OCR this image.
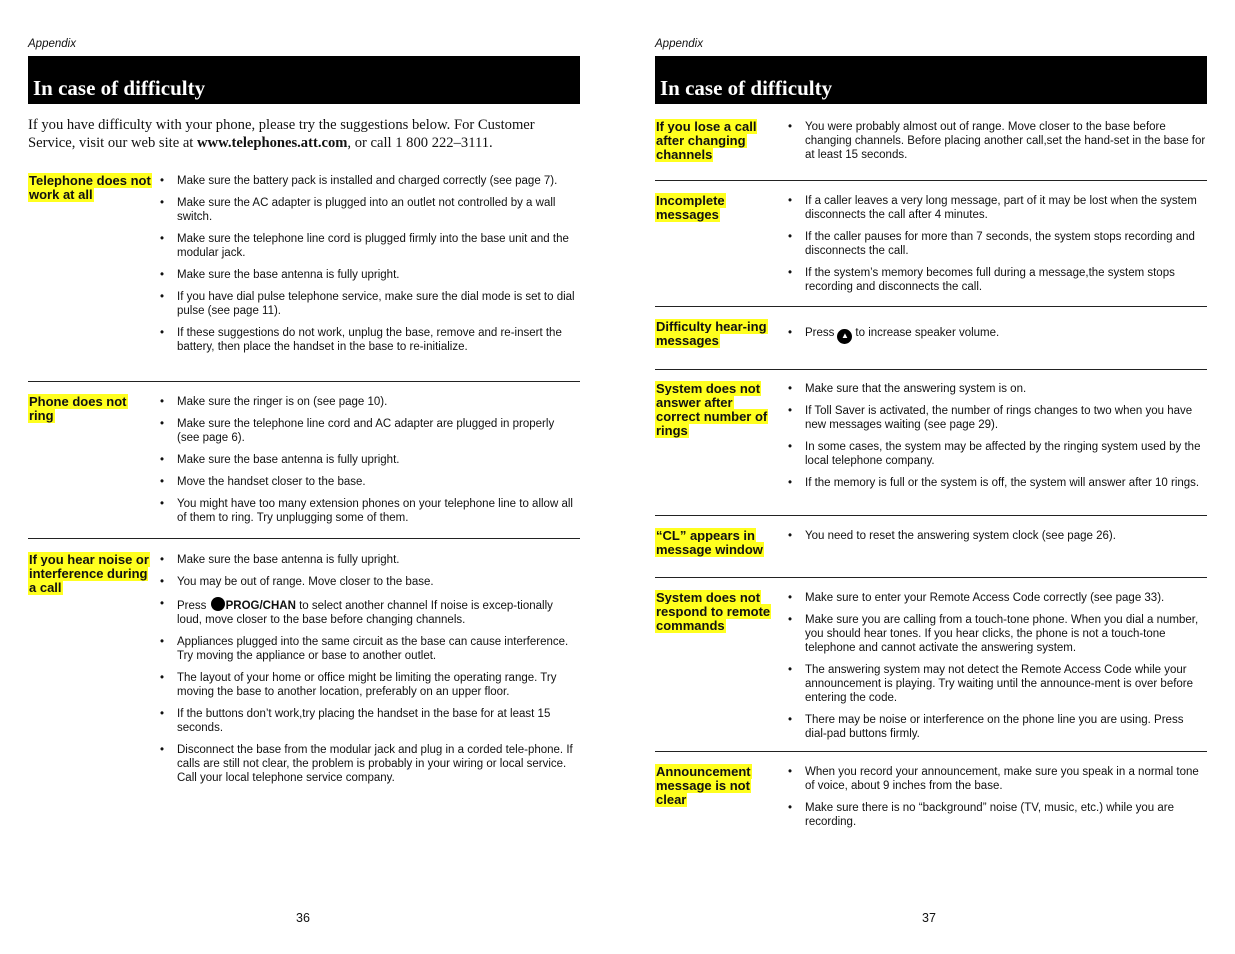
Appendix
In case of difficulty
If you have difficulty with your phone, please try the suggestions below. For Customer Service, visit our web site at www.telephones.att.com, or call 1 800 222–3111.
Telephone does not work at all
• Make sure the battery pack is installed and charged correctly (see page 7).
• Make sure the AC adapter is plugged into an outlet not controlled by a wall switch.
• Make sure the telephone line cord is plugged firmly into the base unit and the modular jack.
• Make sure the base antenna is fully upright.
• If you have dial pulse telephone service, make sure the dial mode is set to dial pulse (see page 11).
• If these suggestions do not work, unplug the base, remove and re-insert the battery, then place the handset in the base to re-initialize.
Phone does not ring
• Make sure the ringer is on (see page 10).
• Make sure the telephone line cord and AC adapter are plugged in properly (see page 6).
• Make sure the base antenna is fully upright.
• Move the handset closer to the base.
• You might have too many extension phones on your telephone line to allow all of them to ring. Try unplugging some of them.
If you hear noise or interference during a call
• Make sure the base antenna is fully upright.
• You may be out of range. Move closer to the base.
• Press PROG/CHAN to select another channel If noise is excep-tionally loud, move closer to the base before changing channels.
• Appliances plugged into the same circuit as the base can cause interference. Try moving the appliance or base to another outlet.
• The layout of your home or office might be limiting the operating range. Try moving the base to another location, preferably on an upper floor.
• If the buttons don’t work,try placing the handset in the base for at least 15 seconds.
• Disconnect the base from the modular jack and plug in a corded tele-phone. If calls are still not clear, the problem is probably in your wiring or local service. Call your local telephone service company.
36
Appendix
In case of difficulty
If you lose a call after changing channels
• You were probably almost out of range. Move closer to the base before changing channels. Before placing another call,set the hand-set in the base for at least 15 seconds.
Incomplete messages
• If a caller leaves a very long message, part of it may be lost when the system disconnects the call after 4 minutes.
• If the caller pauses for more than 7 seconds, the system stops recording and disconnects the call.
• If the system’s memory becomes full during a message,the system stops recording and disconnects the call.
Difficulty hear-ing messages
•	Press ▲ to increase speaker volume.
System does not answer after correct number of rings
• Make sure that the answering system is on.
• If Toll Saver is activated, the number of rings changes to two when you have new messages waiting (see page 29).
• In some cases, the system may be affected by the ringing system used by the local telephone company.
• If the memory is full or the system is off, the system will answer after 10 rings.
“CL” appears in message window
• You need to reset the answering system clock (see page 26).
System does not respond to remote commands
• Make sure to enter your Remote Access Code correctly (see page 33).
• Make sure you are calling from a touch-tone phone. When you dial a number, you should hear tones. If you hear clicks, the phone is not a touch-tone telephone and cannot activate the answering system.
• The answering system may not detect the Remote Access Code while your announcement is playing. Try waiting until the announce-ment is over before entering the code.
• There may be noise or interference on the phone line you are using. Press dial-pad buttons firmly.
Announcement message is not clear
• When you record your announcement, make sure you speak in a normal tone of voice, about 9 inches from the base.
• Make sure there is no “background” noise (TV, music, etc.) while you are recording.
37
